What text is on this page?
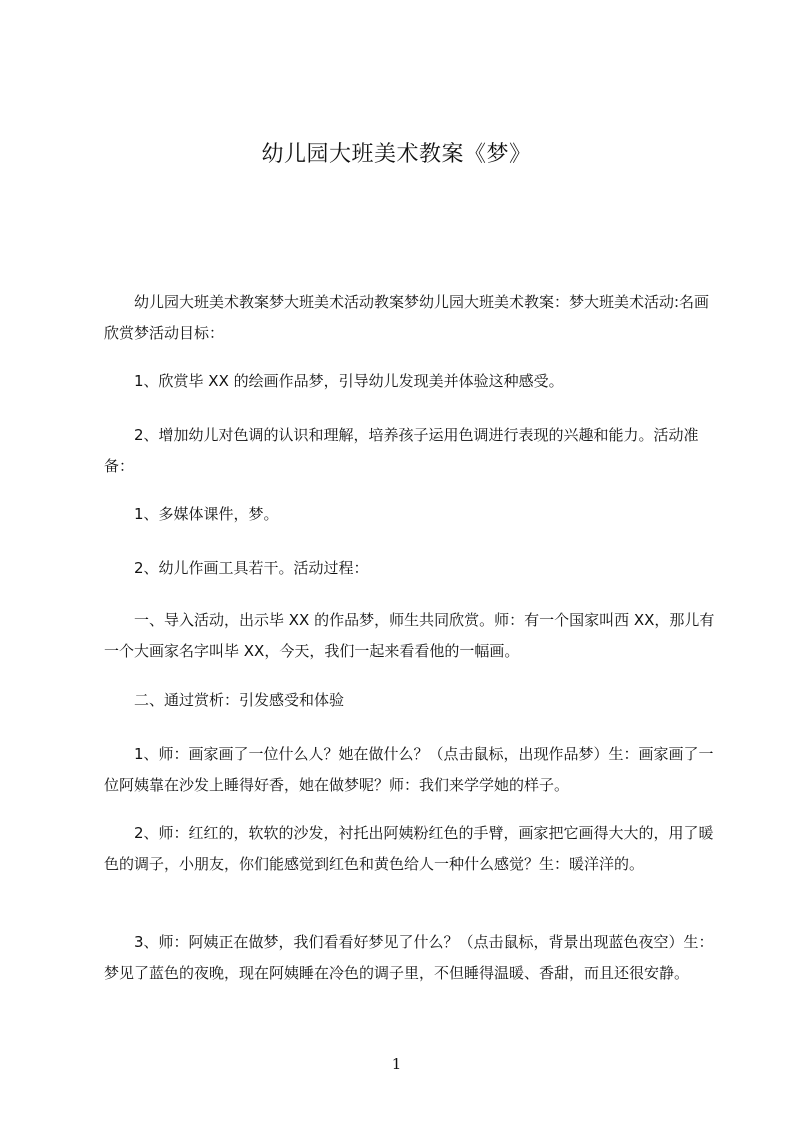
幼儿园大班美术教案《梦》

幼儿园大班美术教案梦大班美术活动教案梦幼儿园大班美术教案：梦大班美术活动:名画欣赏梦活动目标：

1、欣赏毕 XX 的绘画作品梦，引导幼儿发现美并体验这种感受。

2、增加幼儿对色调的认识和理解，培养孩子运用色调进行表现的兴趣和能力。活动准备：

1、多媒体课件，梦。

2、幼儿作画工具若干。活动过程：

一、导入活动，出示毕 XX 的作品梦，师生共同欣赏。师：有一个国家叫西 XX，那儿有一个大画家名字叫毕 XX，今天，我们一起来看看他的一幅画。

二、通过赏析：引发感受和体验

1、师：画家画了一位什么人？她在做什么？（点击鼠标，出现作品梦）生：画家画了一位阿姨靠在沙发上睡得好香，她在做梦呢？师：我们来学学她的样子。

2、师：红红的，软软的沙发，衬托出阿姨粉红色的手臂，画家把它画得大大的，用了暖色的调子，小朋友，你们能感觉到红色和黄色给人一种什么感觉？生：暖洋洋的。

3、师：阿姨正在做梦，我们看看好梦见了什么？（点击鼠标，背景出现蓝色夜空）生：梦见了蓝色的夜晚，现在阿姨睡在冷色的调子里，不但睡得温暖、香甜，而且还很安静。

1
